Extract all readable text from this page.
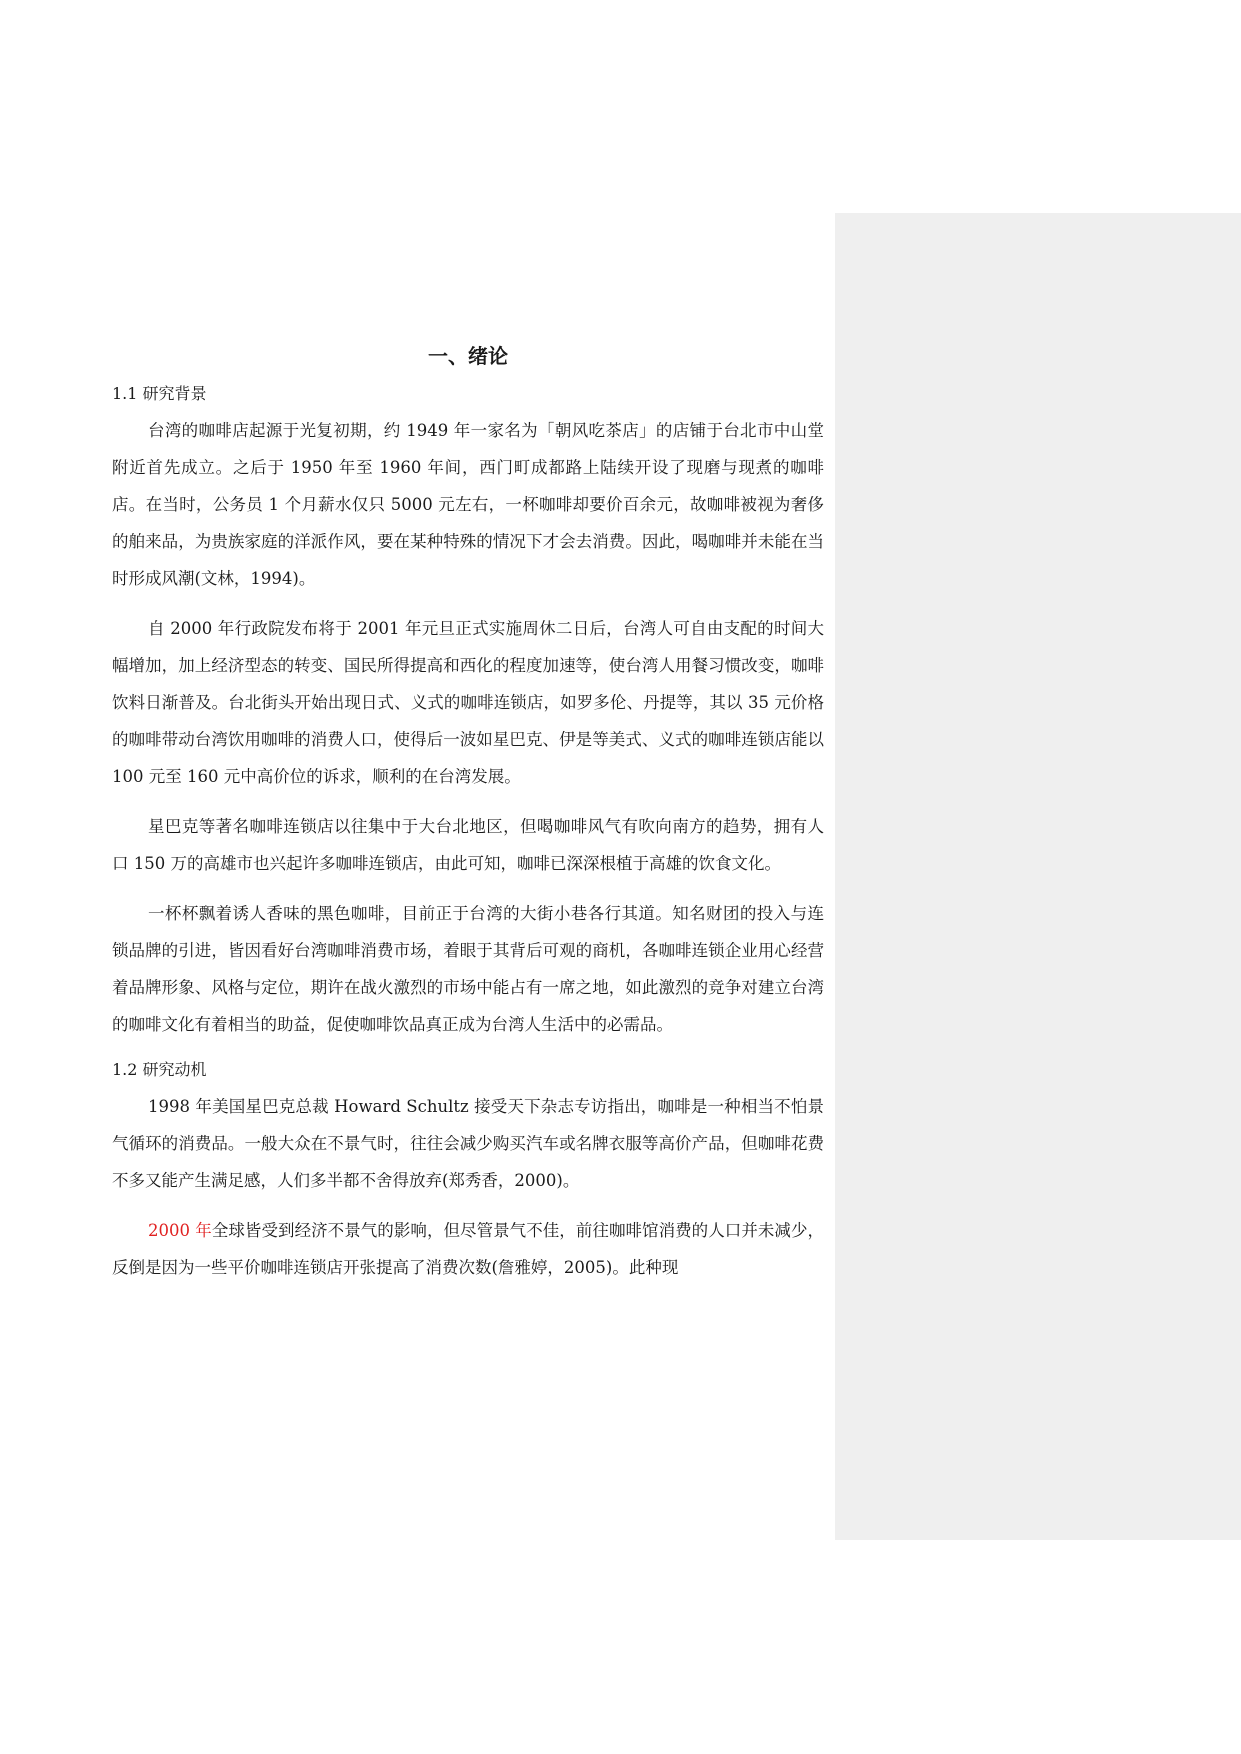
一、绪论
1.1 研究背景

台湾的咖啡店起源于光复初期，约 1949 年一家名为「朝风吃茶店」的店铺于台北市中山堂附近首先成立。之后于 1950 年至 1960 年间，西门町成都路上陆续开设了现磨与现煮的咖啡店。在当时，公务员 1 个月薪水仅只 5000 元左右，一杯咖啡却要价百余元，故咖啡被视为奢侈的舶来品，为贵族家庭的洋派作风，要在某种特殊的情况下才会去消费。因此，喝咖啡并未能在当时形成风潮(文林，1994)。

自 2000 年行政院发布将于 2001 年元旦正式实施周休二日后，台湾人可自由支配的时间大幅增加，加上经济型态的转变、国民所得提高和西化的程度加速等，使台湾人用餐习惯改变，咖啡饮料日渐普及。台北街头开始出现日式、义式的咖啡连锁店，如罗多伦、丹提等，其以 35 元价格的咖啡带动台湾饮用咖啡的消费人口，使得后一波如星巴克、伊是等美式、义式的咖啡连锁店能以 100 元至 160 元中高价位的诉求，顺利的在台湾发展。

星巴克等著名咖啡连锁店以往集中于大台北地区，但喝咖啡风气有吹向南方的趋势，拥有人口 150 万的高雄市也兴起许多咖啡连锁店，由此可知，咖啡已深深根植于高雄的饮食文化。

一杯杯飘着诱人香味的黑色咖啡，目前正于台湾的大街小巷各行其道。知名财团的投入与连锁品牌的引进，皆因看好台湾咖啡消费市场，着眼于其背后可观的商机，各咖啡连锁企业用心经营着品牌形象、风格与定位，期许在战火激烈的市场中能占有一席之地，如此激烈的竞争对建立台湾的咖啡文化有着相当的助益，促使咖啡饮品真正成为台湾人生活中的必需品。

1.2 研究动机

1998 年美国星巴克总裁 Howard Schultz 接受天下杂志专访指出，咖啡是一种相当不怕景气循环的消费品。一般大众在不景气时，往往会减少购买汽车或名牌衣服等高价产品，但咖啡花费不多又能产生满足感，人们多半都不舍得放弃(郑秀香，2000)。

2000 年全球皆受到经济不景气的影响，但尽管景气不佳，前往咖啡馆消费的人口并未减少，反倒是因为一些平价咖啡连锁店开张提高了消费次数(詹雅婷，2005)。此种现
